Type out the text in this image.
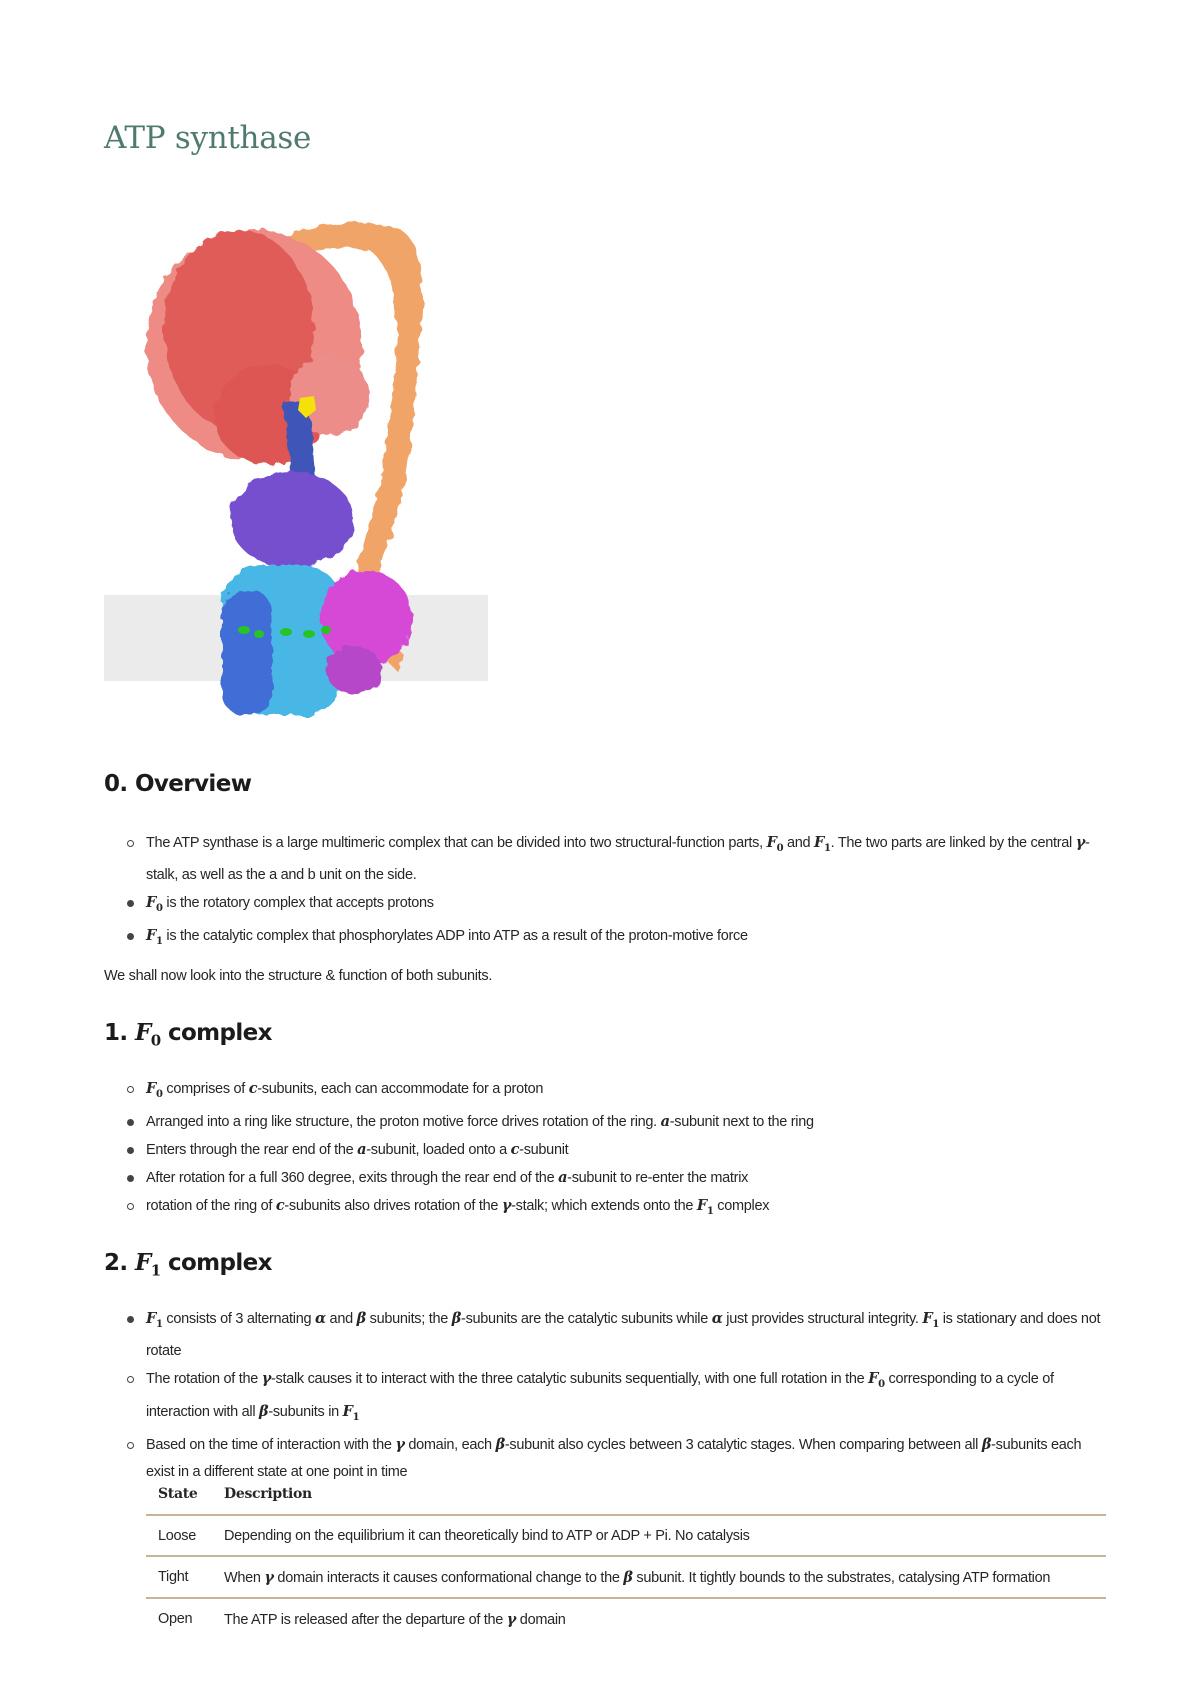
ATP synthase
0. Overview
The ATP synthase is a large multimeric complex that can be divided into two structural-function parts, $F_0$ and $F_1$. The two parts are linked by the central γ-stalk, as well as the a and b unit on the side.
$F_0$ is the rotatory complex that accepts protons
$F_1$ is the catalytic complex that phosphorylates ADP into ATP as a result of the proton-motive force

We shall now look into the structure & function of both subunits.

1. $F_0$ complex
$F_0$ comprises of c-subunits, each can accommodate for a proton
Arranged into a ring like structure, the proton motive force drives rotation of the ring. a-subunit next to the ring
Enters through the rear end of the a-subunit, loaded onto a c-subunit
After rotation for a full 360 degree, exits through the rear end of the a-subunit to re-enter the matrix
rotation of the ring of c-subunits also drives rotation of the γ-stalk; which extends onto the $F_1$ complex
2. $F_1$ complex
$F_1$ consists of 3 alternating α and β subunits; the β-subunits are the catalytic subunits while α just provides structural integrity. $F_1$ is stationary and does not rotate
The rotation of the γ-stalk causes it to interact with the three catalytic subunits sequentially, with one full rotation in the $F_0$ corresponding to a cycle of interaction with all β-subunits in $F_1$
Based on the time of interaction with the γ domain, each β-subunit also cycles between 3 catalytic stages. When comparing between all β-subunits each exist in a different state at one point in time
State	Description
Loose	Depending on the equilibrium it can theoretically bind to ATP or ADP + Pi. No catalysis
Tight	When γ domain interacts it causes conformational change to the β subunit. It tightly bounds to the substrates, catalysing ATP formation
Open	The ATP is released after the departure of the γ domain
